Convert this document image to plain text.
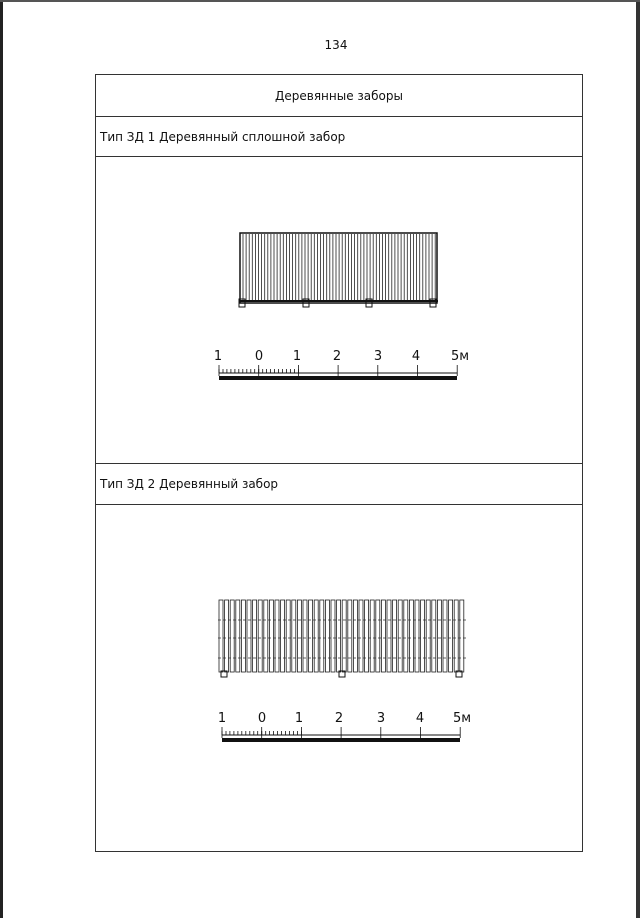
134
Деревянные заборы
Тип ЗД 1 Деревянный сплошной забор
Тип ЗД 2 Деревянный забор
1	0 1 2	3 4 5м
1 0 1 2	3 4 5м
